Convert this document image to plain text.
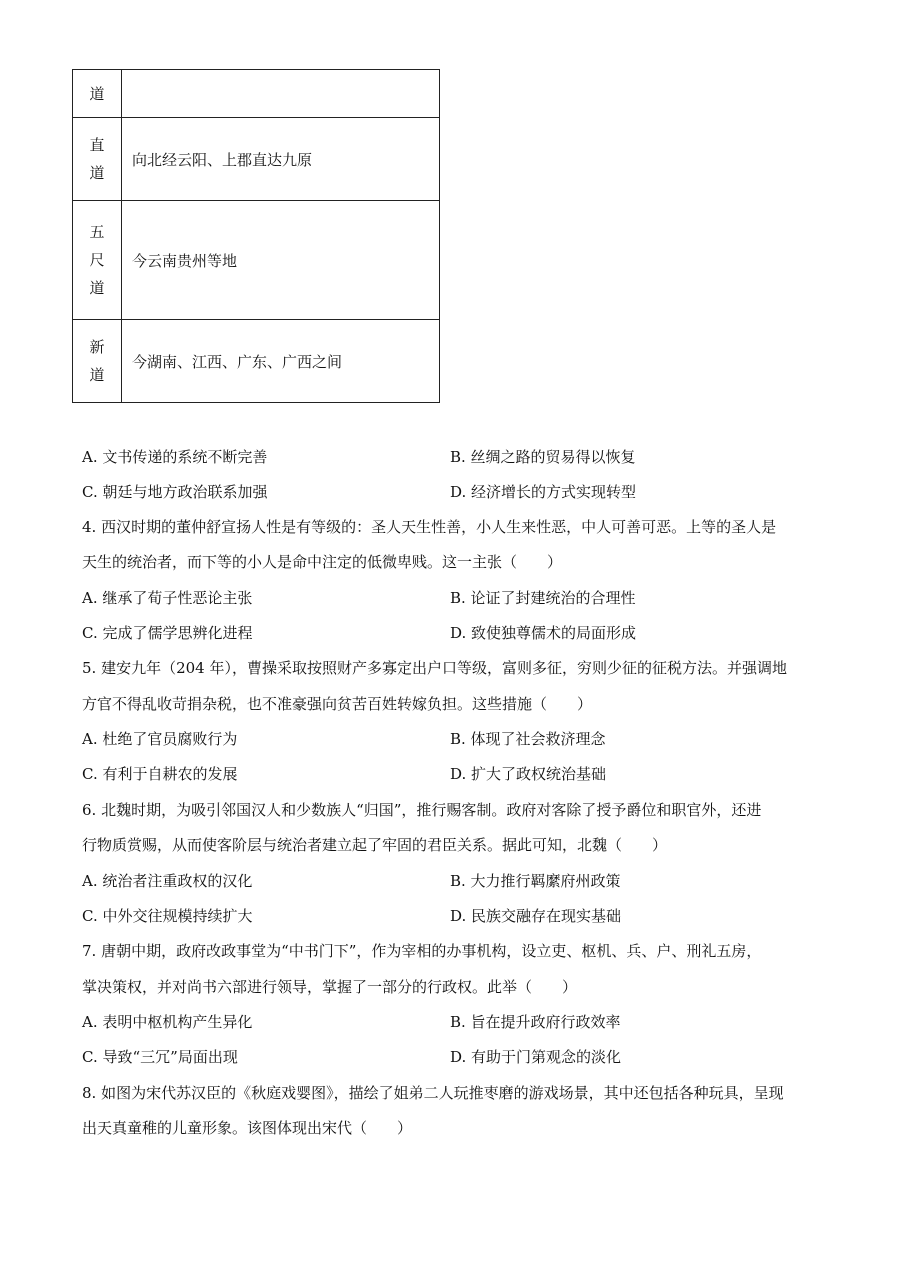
道	

直
道	向北经云阳、上郡直达九原

五
尺
道	今云南贵州等地

新
道	今湖南、江西、广东、广西之间
A. 文书传递的系统不断完善	B. 丝绸之路的贸易得以恢复
C. 朝廷与地方政治联系加强	D. 经济增长的方式实现转型
4. 西汉时期的董仲舒宣扬人性是有等级的：圣人天生性善，小人生来性恶，中人可善可恶。上等的圣人是
天生的统治者，而下等的小人是命中注定的低微卑贱。这一主张（　　）
A. 继承了荀子性恶论主张	B. 论证了封建统治的合理性
C. 完成了儒学思辨化进程	D. 致使独尊儒术的局面形成
5. 建安九年（204 年），曹操采取按照财产多寡定出户口等级，富则多征，穷则少征的征税方法。并强调地
方官不得乱收苛捐杂税，也不准豪强向贫苦百姓转嫁负担。这些措施（　　）
A. 杜绝了官员腐败行为	B. 体现了社会救济理念
C. 有利于自耕农的发展	D. 扩大了政权统治基础
6. 北魏时期，为吸引邻国汉人和少数族人“归国”，推行赐客制。政府对客除了授予爵位和职官外，还进
行物质赏赐，从而使客阶层与统治者建立起了牢固的君臣关系。据此可知，北魏（　　）
A. 统治者注重政权的汉化	B. 大力推行羁縻府州政策
C. 中外交往规模持续扩大	D. 民族交融存在现实基础
7. 唐朝中期，政府改政事堂为“中书门下”，作为宰相的办事机构，设立吏、枢机、兵、户、刑礼五房，
掌决策权，并对尚书六部进行领导，掌握了一部分的行政权。此举（　　）
A. 表明中枢机构产生异化	B. 旨在提升政府行政效率
C. 导致“三冗”局面出现	D. 有助于门第观念的淡化
8. 如图为宋代苏汉臣的《秋庭戏婴图》，描绘了姐弟二人玩推枣磨的游戏场景，其中还包括各种玩具，呈现
出天真童稚的儿童形象。该图体现出宋代（　　）
